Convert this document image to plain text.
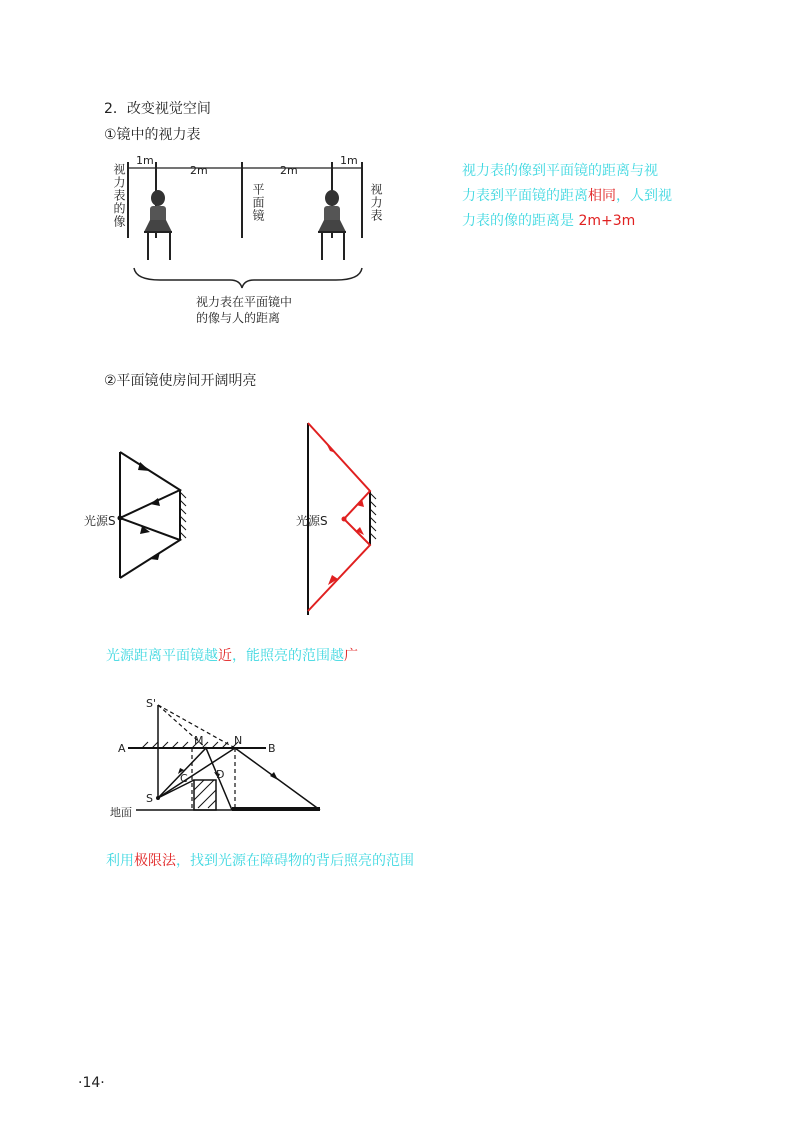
2．改变视觉空间
①镜中的视力表
1m
2m	2m
1m
视力表的像	平面镜	视力表
视力表在平面镜中
的像与人的距离
视力表的像到平面镜的距离与视
力表到平面镜的距离相同，人到视
力表的像的距离是 2m+3m
②平面镜使房间开阔明亮
光源S	光源S
光源距离平面镜越近，能照亮的范围越广
S'
A
M	N
B
C	D
S
地面
利用极限法，找到光源在障碍物的背后照亮的范围
·14·
